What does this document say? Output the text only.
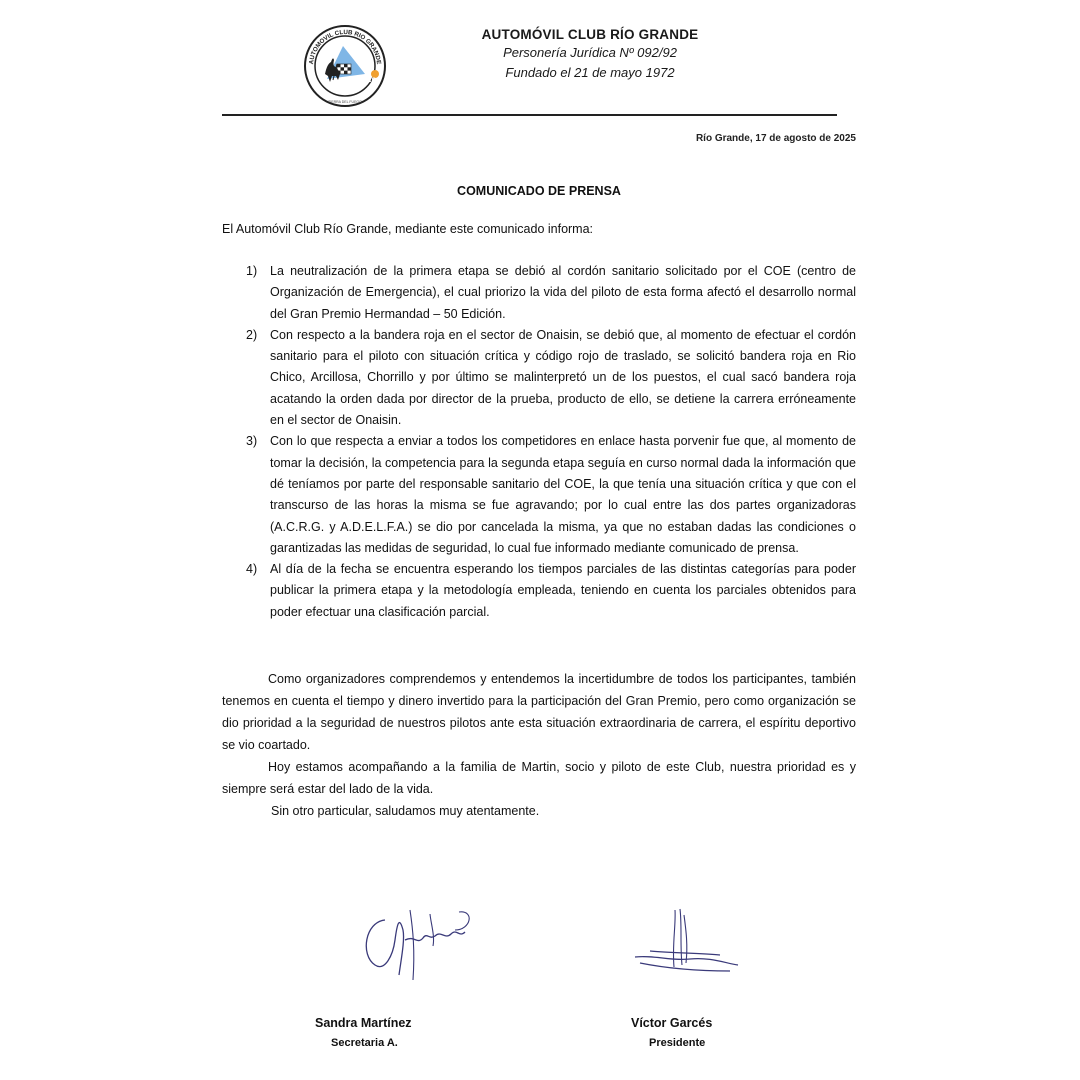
AUTOMOVIL CLUB RIO GRANDE
ACRG
TIERRA DEL FUEGO
AUTOMÓVIL CLUB RÍO GRANDE
Personería Jurídica Nº 092/92
Fundado el 21 de mayo 1972
Río Grande, 17 de agosto de 2025
COMUNICADO DE PRENSA
El Automóvil Club Río Grande, mediante este comunicado informa:
1) La neutralización de la primera etapa se debió al cordón sanitario solicitado por el COE (centro de Organización de Emergencia), el cual priorizo la vida del piloto de esta forma afectó el desarrollo normal del Gran Premio Hermandad – 50 Edición.
2) Con respecto a la bandera roja en el sector de Onaisin, se debió que, al momento de efectuar el cordón sanitario para el piloto con situación crítica y código rojo de traslado, se solicitó bandera roja en Rio Chico, Arcillosa, Chorrillo y por último se malinterpretó un de los puestos, el cual sacó bandera roja acatando la orden dada por director de la prueba, producto de ello, se detiene la carrera erróneamente en el sector de Onaisin.
3) Con lo que respecta a enviar a todos los competidores en enlace hasta porvenir fue que, al momento de tomar la decisión, la competencia para la segunda etapa seguía en curso normal dada la información que dé teníamos por parte del responsable sanitario del COE, la que tenía una situación crítica y que con el transcurso de las horas la misma se fue agravando; por lo cual entre las dos partes organizadoras (A.C.R.G. y A.D.E.L.F.A.) se dio por cancelada la misma, ya que no estaban dadas las condiciones o garantizadas las medidas de seguridad, lo cual fue informado mediante comunicado de prensa.
4) Al día de la fecha se encuentra esperando los tiempos parciales de las distintas categorías para poder publicar la primera etapa y la metodología empleada, teniendo en cuenta los parciales obtenidos para poder efectuar una clasificación parcial.

Como organizadores comprendemos y entendemos la incertidumbre de todos los participantes, también tenemos en cuenta el tiempo y dinero invertido para la participación del Gran Premio, pero como organización se dio prioridad a la seguridad de nuestros pilotos ante esta situación extraordinaria de carrera, el espíritu deportivo se vio coartado.

Hoy estamos acompañando a la familia de Martin, socio y piloto de este Club, nuestra prioridad es y siempre será estar del lado de la vida.

Sin otro particular, saludamos muy atentamente.

Sandra Martínez
Secretaria A.
Víctor Garcés
Presidente
